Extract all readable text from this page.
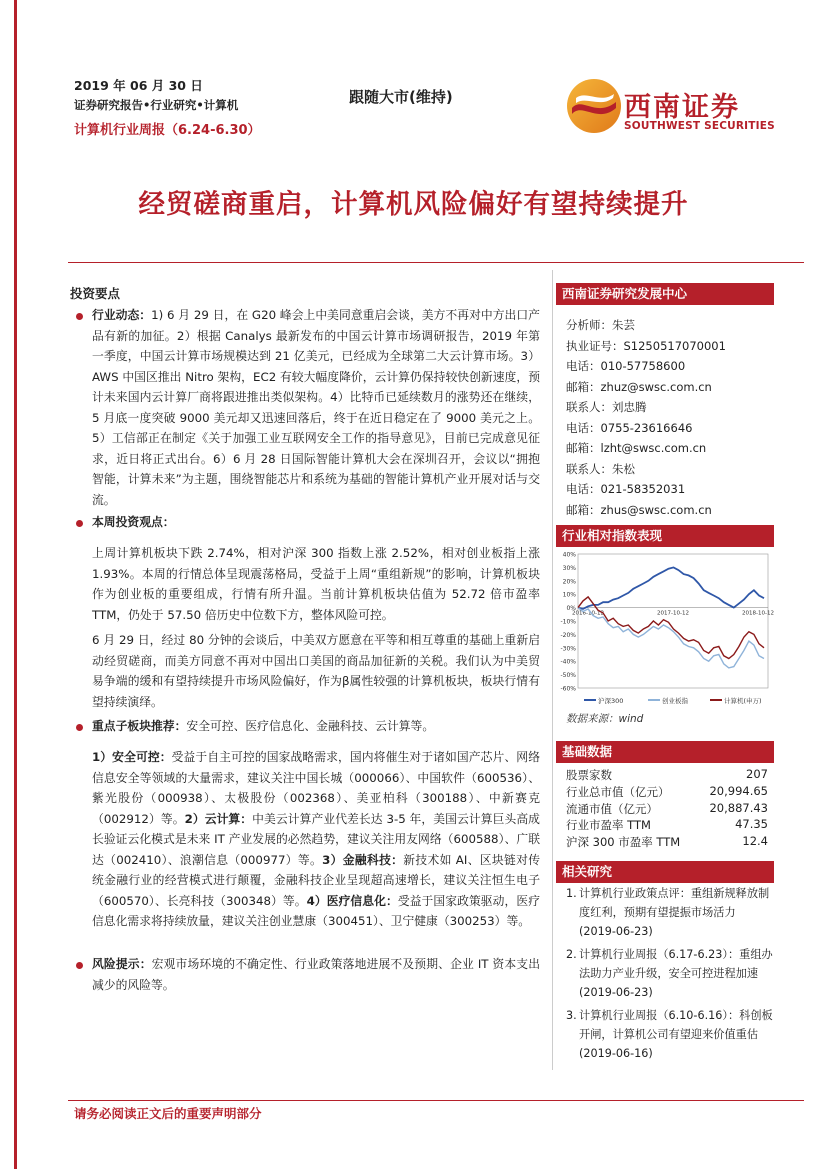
2019 年 06 月 30 日
证券研究报告•行业研究•计算机
计算机行业周报（6.24-6.30）
跟随大市(维持)	西南证券
SOUTHWEST SECURITIES
经贸磋商重启，计算机风险偏好有望持续提升
投资要点
行业动态：1) 6 月 29 日，在 G20 峰会上中美同意重启会谈，美方不再对中方出口产品有新的加征。2）根据 Canalys 最新发布的中国云计算市场调研报告，2019 年第一季度，中国云计算市场规模达到 21 亿美元，已经成为全球第二大云计算市场。3）AWS 中国区推出 Nitro 架构，EC2 有较大幅度降价，云计算仍保持较快创新速度，预计未来国内云计算厂商将跟进推出类似架构。4）比特币已延续数月的涨势还在继续，5 月底一度突破 9000 美元却又迅速回落后，终于在近日稳定在了 9000 美元之上。5）工信部正在制定《关于加强工业互联网安全工作的指导意见》，目前已完成意见征求，近日将正式出台。6）6 月 28 日国际智能计算机大会在深圳召开，会议以“拥抱智能，计算未来”为主题，围绕智能芯片和系统为基础的智能计算机产业开展对话与交流。
本周投资观点：
上周计算机板块下跌 2.74%，相对沪深 300 指数上涨 2.52%，相对创业板指上涨 1.93%。本周的行情总体呈现震荡格局，受益于上周“重组新规”的影响，计算机板块作为创业板的重要组成，行情有所升温。当前计算机板块估值为 52.72 倍市盈率 TTM，仍处于 57.50 倍历史中位数下方，整体风险可控。
6 月 29 日，经过 80 分钟的会谈后，中美双方愿意在平等和相互尊重的基础上重新启动经贸磋商，而美方同意不再对中国出口美国的商品加征新的关税。我们认为中美贸易争端的缓和有望持续提升市场风险偏好，作为β属性较强的计算机板块，板块行情有望持续演绎。
重点子板块推荐：安全可控、医疗信息化、金融科技、云计算等。
1）安全可控：受益于自主可控的国家战略需求，国内将催生对于诸如国产芯片、网络信息安全等领域的大量需求，建议关注中国长城（000066）、中国软件（600536）、紫光股份（000938）、太极股份（002368）、美亚柏科（300188）、中新赛克（002912）等。2）云计算：中美云计算产业代差长达 3-5 年，美国云计算巨头高成长验证云化模式是未来 IT 产业发展的必然趋势，建议关注用友网络（600588）、广联达（002410）、浪潮信息（000977）等。3）金融科技：新技术如 AI、区块链对传统金融行业的经营模式进行颠覆，金融科技企业呈现超高速增长，建议关注恒生电子（600570）、长亮科技（300348）等。4）医疗信息化：受益于国家政策驱动，医疗信息化需求将持续放量，建议关注创业慧康（300451）、卫宁健康（300253）等。
风险提示：宏观市场环境的不确定性、行业政策落地进展不及预期、企业 IT 资本支出减少的风险等。
西南证券研究发展中心
分析师：朱芸
执业证号：S1250517070001
电话：010-57758600
邮箱：zhuz@swsc.com.cn
联系人：刘忠腾
电话：0755-23616646
邮箱：lzht@swsc.com.cn
联系人：朱松
电话：021-58352031
邮箱：zhus@swsc.com.cn
行业相对指数表现
40%
30%
20%
10%
0%
-10%
-20%
-30%
-40%
-50%
-60%
2016-10-12	2017-10-12	2018-10-12
沪深300	创业板指	计算机(申万)
数据来源：wind
基础数据
股票家数	207
行业总市值（亿元）	20,994.65
流通市值（亿元）	20,887.43
行业市盈率 TTM	47.35
沪深 300 市盈率 TTM	12.4
相关研究
1. 计算机行业政策点评：重组新规释放制度红利，预期有望提振市场活力
(2019-06-23)
2. 计算机行业周报（6.17-6.23）：重组办法助力产业升级，安全可控进程加速
(2019-06-23)
3. 计算机行业周报（6.10-6.16）：科创板开闸，计算机公司有望迎来价值重估
(2019-06-16)
请务必阅读正文后的重要声明部分
